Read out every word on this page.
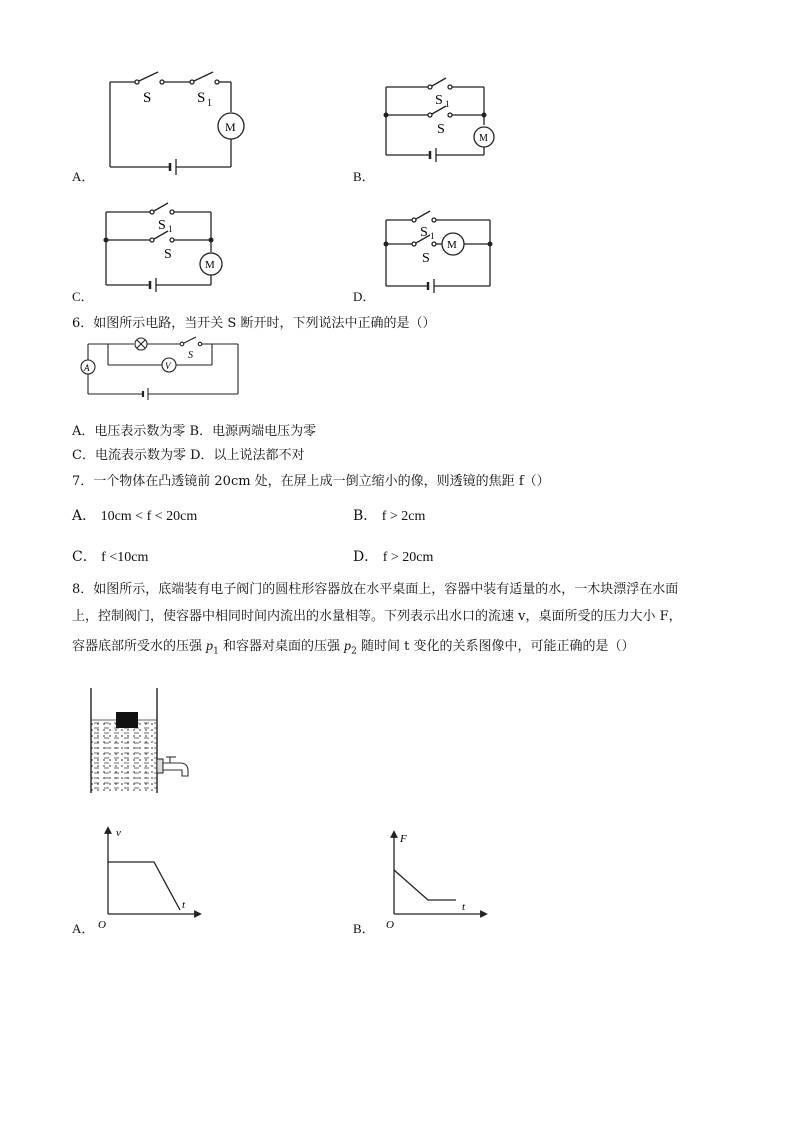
S	S 1
M
A．
S 1
S
M
B．
S 1
S
M
C．
S 1
S
M
D．
6．如图所示电路，当开关 S 断开时，下列说法中正确的是（）
A	V
S
A．电压表示数为零 B．电源两端电压为零
C．电流表示数为零 D．以上说法都不对
7．一个物体在凸透镜前 20cm 处，在屏上成一倒立缩小的像，则透镜的焦距 f（）
A． 10cm < f < 20cm	B． f > 2cm
C． f <10cm	D． f > 20cm
8．如图所示，底端装有电子阀门的圆柱形容器放在水平桌面上，容器中装有适量的水，一木块漂浮在水面
上，控制阀门，使容器中相同时间内流出的水量相等。下列表示出水口的流速 v，桌面所受的压力大小 F，
容器底部所受水的压强 $p_1$ 和容器对桌面的压强 $p_2$ 随时间 t 变化的关系图像中，可能正确的是（）
v
t
O
A．
F
t
O
B．
